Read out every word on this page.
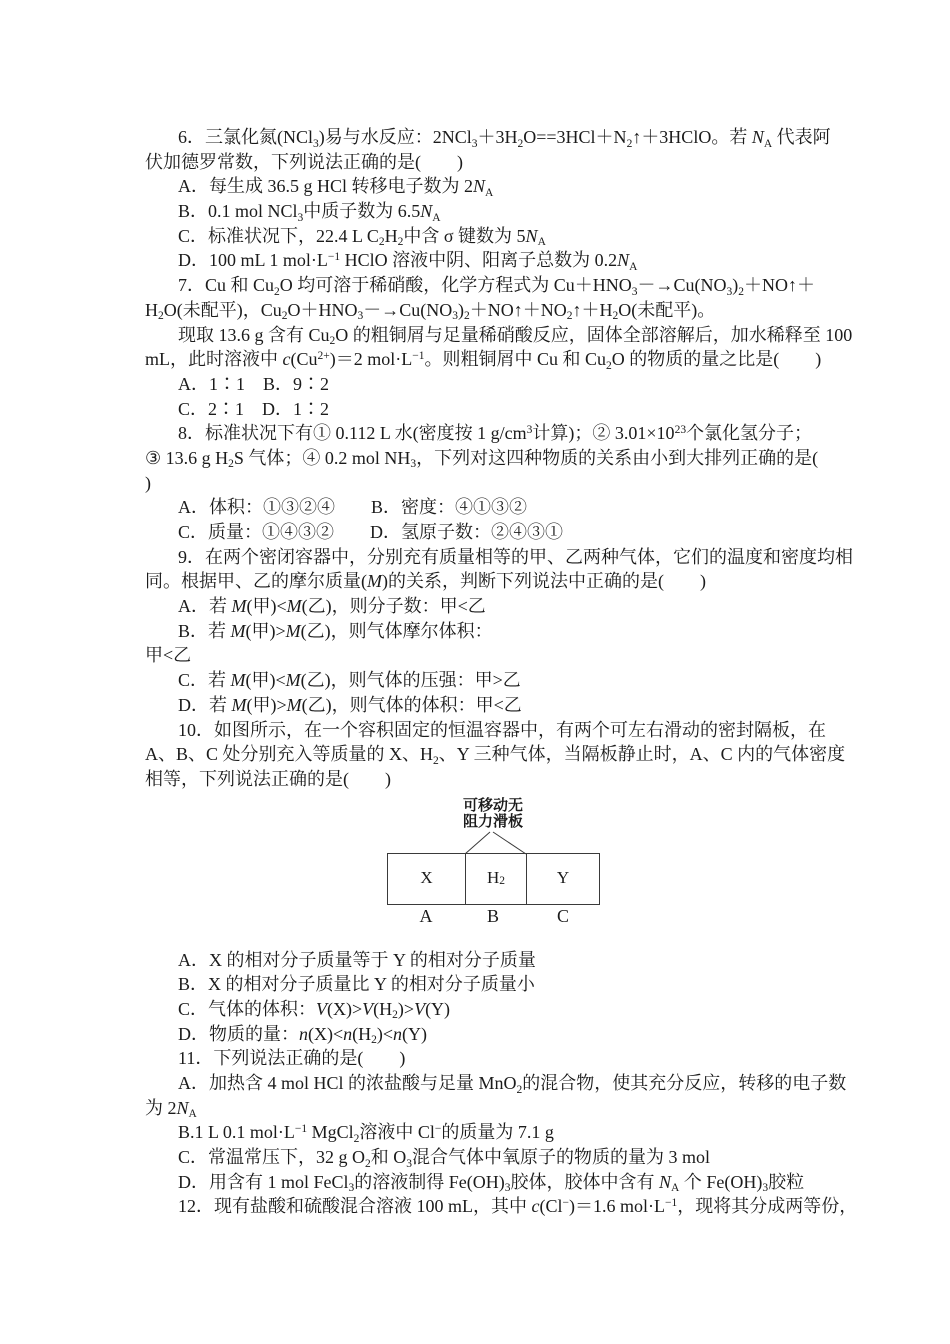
6．三氯化氮(NCl3)易与水反应：2NCl3＋3H2O==3HCl＋N2↑＋3HClO。若 NA 代表阿
伏加德罗常数，下列说法正确的是(　　)
A．每生成 36.5 g HCl 转移电子数为 2NA
B．0.1 mol NCl3中质子数为 6.5NA
C．标准状况下，22.4 L C2H2中含 σ 键数为 5NA
D．100 mL 1 $mol\cdot L^{-1}$ HClO 溶液中阴、阳离子总数为 0.2NA
7．Cu 和 Cu2O 均可溶于稀硝酸，化学方程式为 Cu＋HNO3－→Cu(NO3)2＋NO↑＋
H2O(未配平)，Cu2O＋HNO3－→Cu(NO3)2＋NO↑＋NO2↑＋H2O(未配平)。
现取 13.6 g 含有 Cu2O 的粗铜屑与足量稀硝酸反应，固体全部溶解后，加水稀释至 100
mL，此时溶液中 $c(Cu^{2+})=2$ $mol\cdot L^{-1}$。则粗铜屑中 Cu 和 Cu2O 的物质的量之比是(　　)
A．1∶1　B．9∶2
C．2∶1　D．1∶2
8．标准状况下有① 0.112 L 水(密度按 1 $g/cm^3$计算)；② $3.01\times 10^{23}$个氯化氢分子；
③ 13.6 g H2S 气体；④ 0.2 mol NH3，下列对这四种物质的关系由小到大排列正确的是(
)
A．体积：①③②④　　B．密度：④①③②
C．质量：①④③②　　D．氢原子数：②④③①
9．在两个密闭容器中，分别充有质量相等的甲、乙两种气体，它们的温度和密度均相
同。根据甲、乙的摩尔质量(M)的关系，判断下列说法中正确的是(　　)
A．若 M(甲)<M(乙)，则分子数：甲<乙
B．若 M(甲)>M(乙)，则气体摩尔体积：
甲<乙
C．若 M(甲)<M(乙)，则气体的压强：甲>乙
D．若 M(甲)>M(乙)，则气体的体积：甲<乙
10．如图所示，在一个容积固定的恒温容器中，有两个可左右滑动的密封隔板，在
A、B、C 处分别充入等质量的 X、H2、Y 三种气体，当隔板静止时，A、C 内的气体密度
相等，下列说法正确的是(　　)
可移动无
阻力滑板
X	H 2	Y
A	B	C
A．X 的相对分子质量等于 Y 的相对分子质量
B．X 的相对分子质量比 Y 的相对分子质量小
C．气体的体积：V(X)>V(H2)>V(Y)
D．物质的量：n(X)<n(H2)<n(Y)
11．下列说法正确的是(　　)
A．加热含 4 mol HCl 的浓盐酸与足量 MnO2的混合物，使其充分反应，转移的电子数
为 2NA
B.1 L 0.1 $mol\cdot L^{-1}$ MgCl2溶液中 Cl−的质量为 7.1 g
C．常温常压下，32 g O2和 O3混合气体中氧原子的物质的量为 3 mol
D．用含有 1 mol FeCl3的溶液制得 Fe(OH)3胶体，胶体中含有 NA 个 Fe(OH)3胶粒
12．现有盐酸和硫酸混合溶液 100 mL，其中 c(Cl−)＝1.6 $mol\cdot L^{-1}$，现将其分成两等份，
